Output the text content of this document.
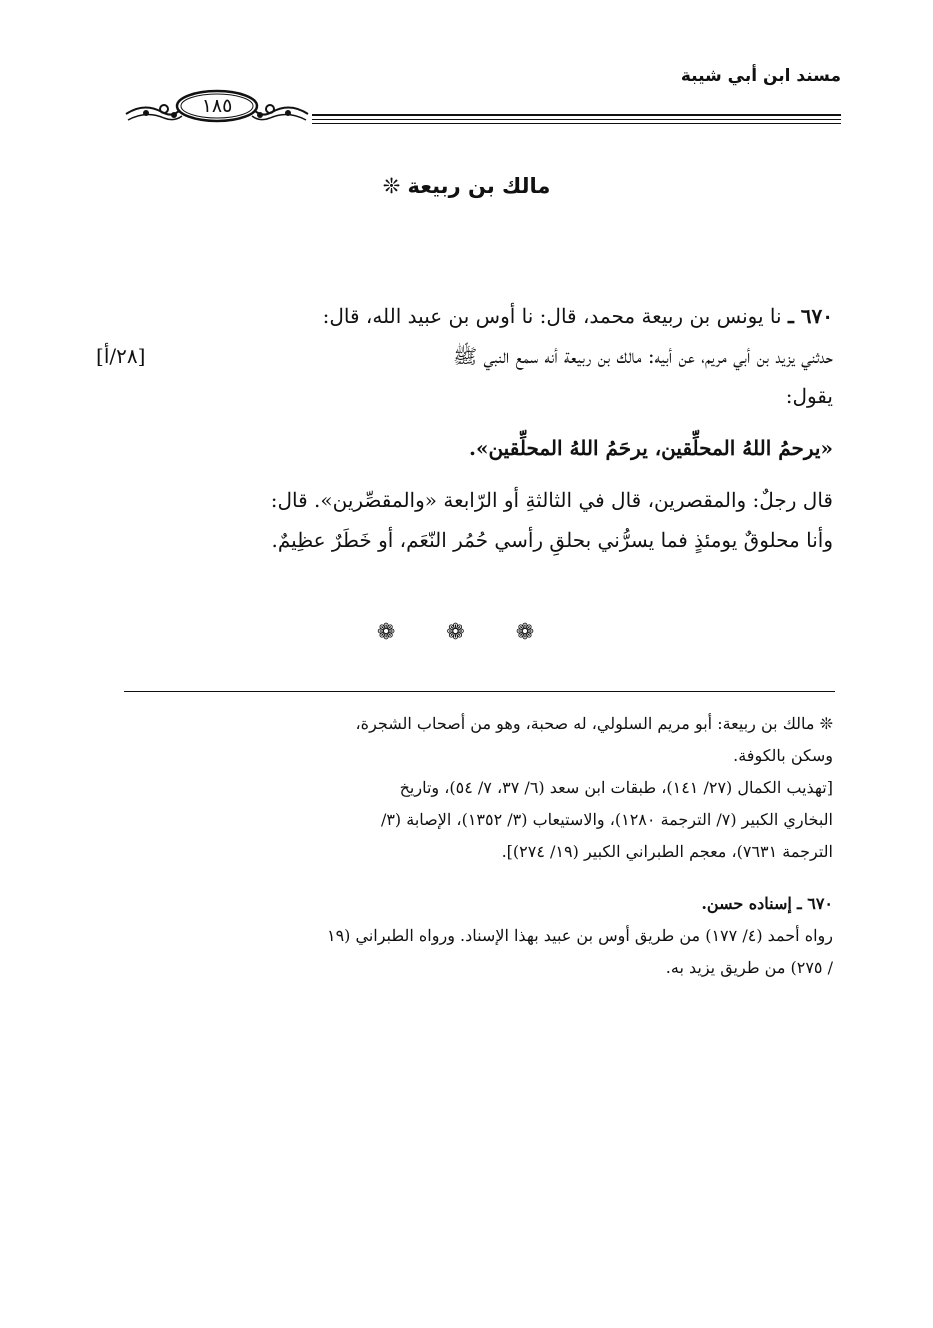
مسند ابن أبي شيبة
١٨٥
مالك بن ربيعة ❊

٦٧٠ ـ نا يونس بن ربيعة محمد، قال: نا أوس بن عبيد الله، قال:

حدثني يزيد بن أبي مريم، عن أبيه: مالك بن ربيعة أنه سمع النبي ﷺ
[٢٨/أ]

يقول:

«يرحمُ اللهُ المحلِّقين، يرحَمُ اللهُ المحلِّقين».

قال رجلٌ: والمقصرين، قال في الثالثةِ أو الرّابعة «والمقصِّرين». قال:

وأنا محلوقٌ يومئذٍ فما يسرُّني بحلقِ رأسي حُمُر النّعَم، أو خَطَرٌ عظِيمٌ.

❁ ❁ ❁

❊ مالك بن ربيعة: أبو مريم السلولي، له صحبة، وهو من أصحاب الشجرة،

وسكن بالكوفة.

[تهذيب الكمال (٢٧/ ١٤١)، طبقات ابن سعد (٦/ ٣٧، ٧/ ٥٤)، وتاريخ

البخاري الكبير (٧/ الترجمة ١٢٨٠)، والاستيعاب (٣/ ١٣٥٢)، الإصابة (٣/

الترجمة ٧٦٣١)، معجم الطبراني الكبير (١٩/ ٢٧٤)].

٦٧٠ ـ إسناده حسن.

رواه أحمد (٤/ ١٧٧) من طريق أوس بن عبيد بهذا الإسناد. ورواه الطبراني (١٩

/ ٢٧٥) من طريق يزيد به.
